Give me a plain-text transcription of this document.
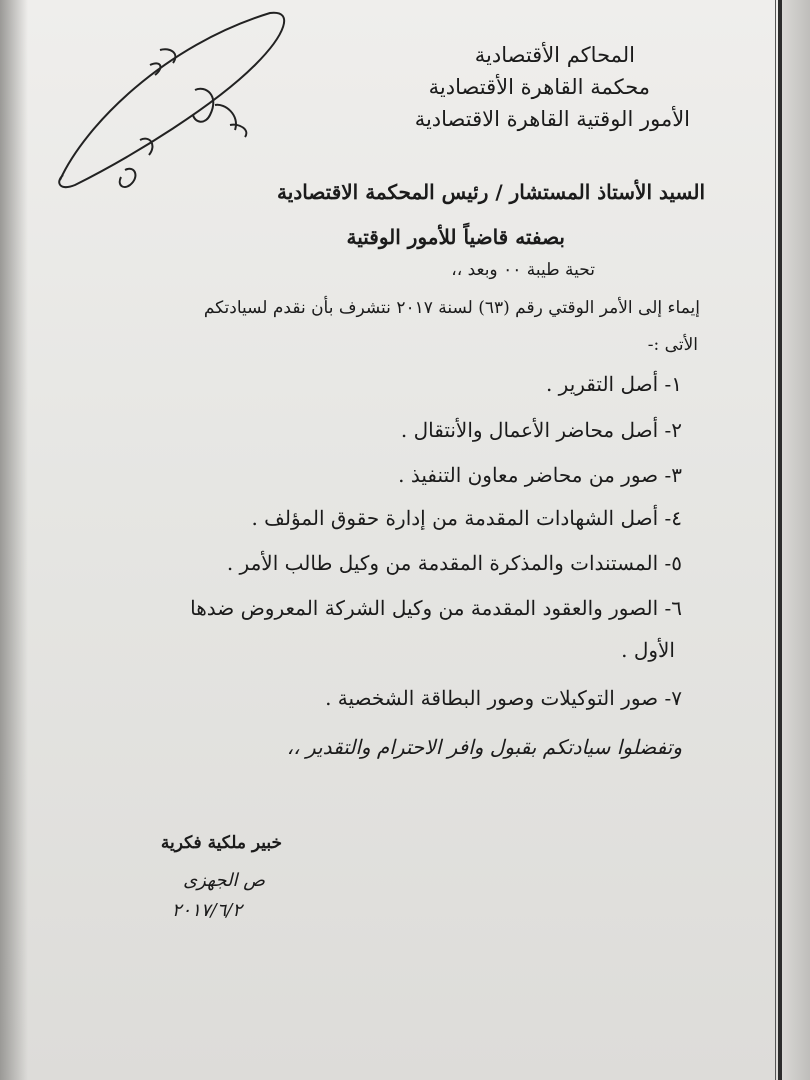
المحاكم الأقتصادية
محكمة القاهرة الأقتصادية
الأمور الوقتية القاهرة الاقتصادية
السيد الأستاذ المستشار / رئيس المحكمة الاقتصادية
بصفته قاضياً للأمور الوقتية
تحية طيبة ٠٠ وبعد ،،
إيماء إلى الأمر الوقتي رقم (٦٣) لسنة ٢٠١٧ نتشرف بأن نقدم لسيادتكم
الأتى :-
١- أصل التقرير .
٢- أصل محاضر الأعمال والأنتقال .
٣- صور من محاضر معاون التنفيذ .
٤- أصل الشهادات المقدمة من إدارة حقوق المؤلف .
٥- المستندات والمذكرة المقدمة من وكيل طالب الأمر .
٦- الصور والعقود المقدمة من وكيل الشركة المعروض ضدها
الأول .
٧- صور التوكيلات وصور البطاقة الشخصية .
وتفضلوا سيادتكم بقبول وافر الاحترام والتقدير ،،
خبير ملكية فكرية
ص الجهزى
٢٠١٧/٦/٢
